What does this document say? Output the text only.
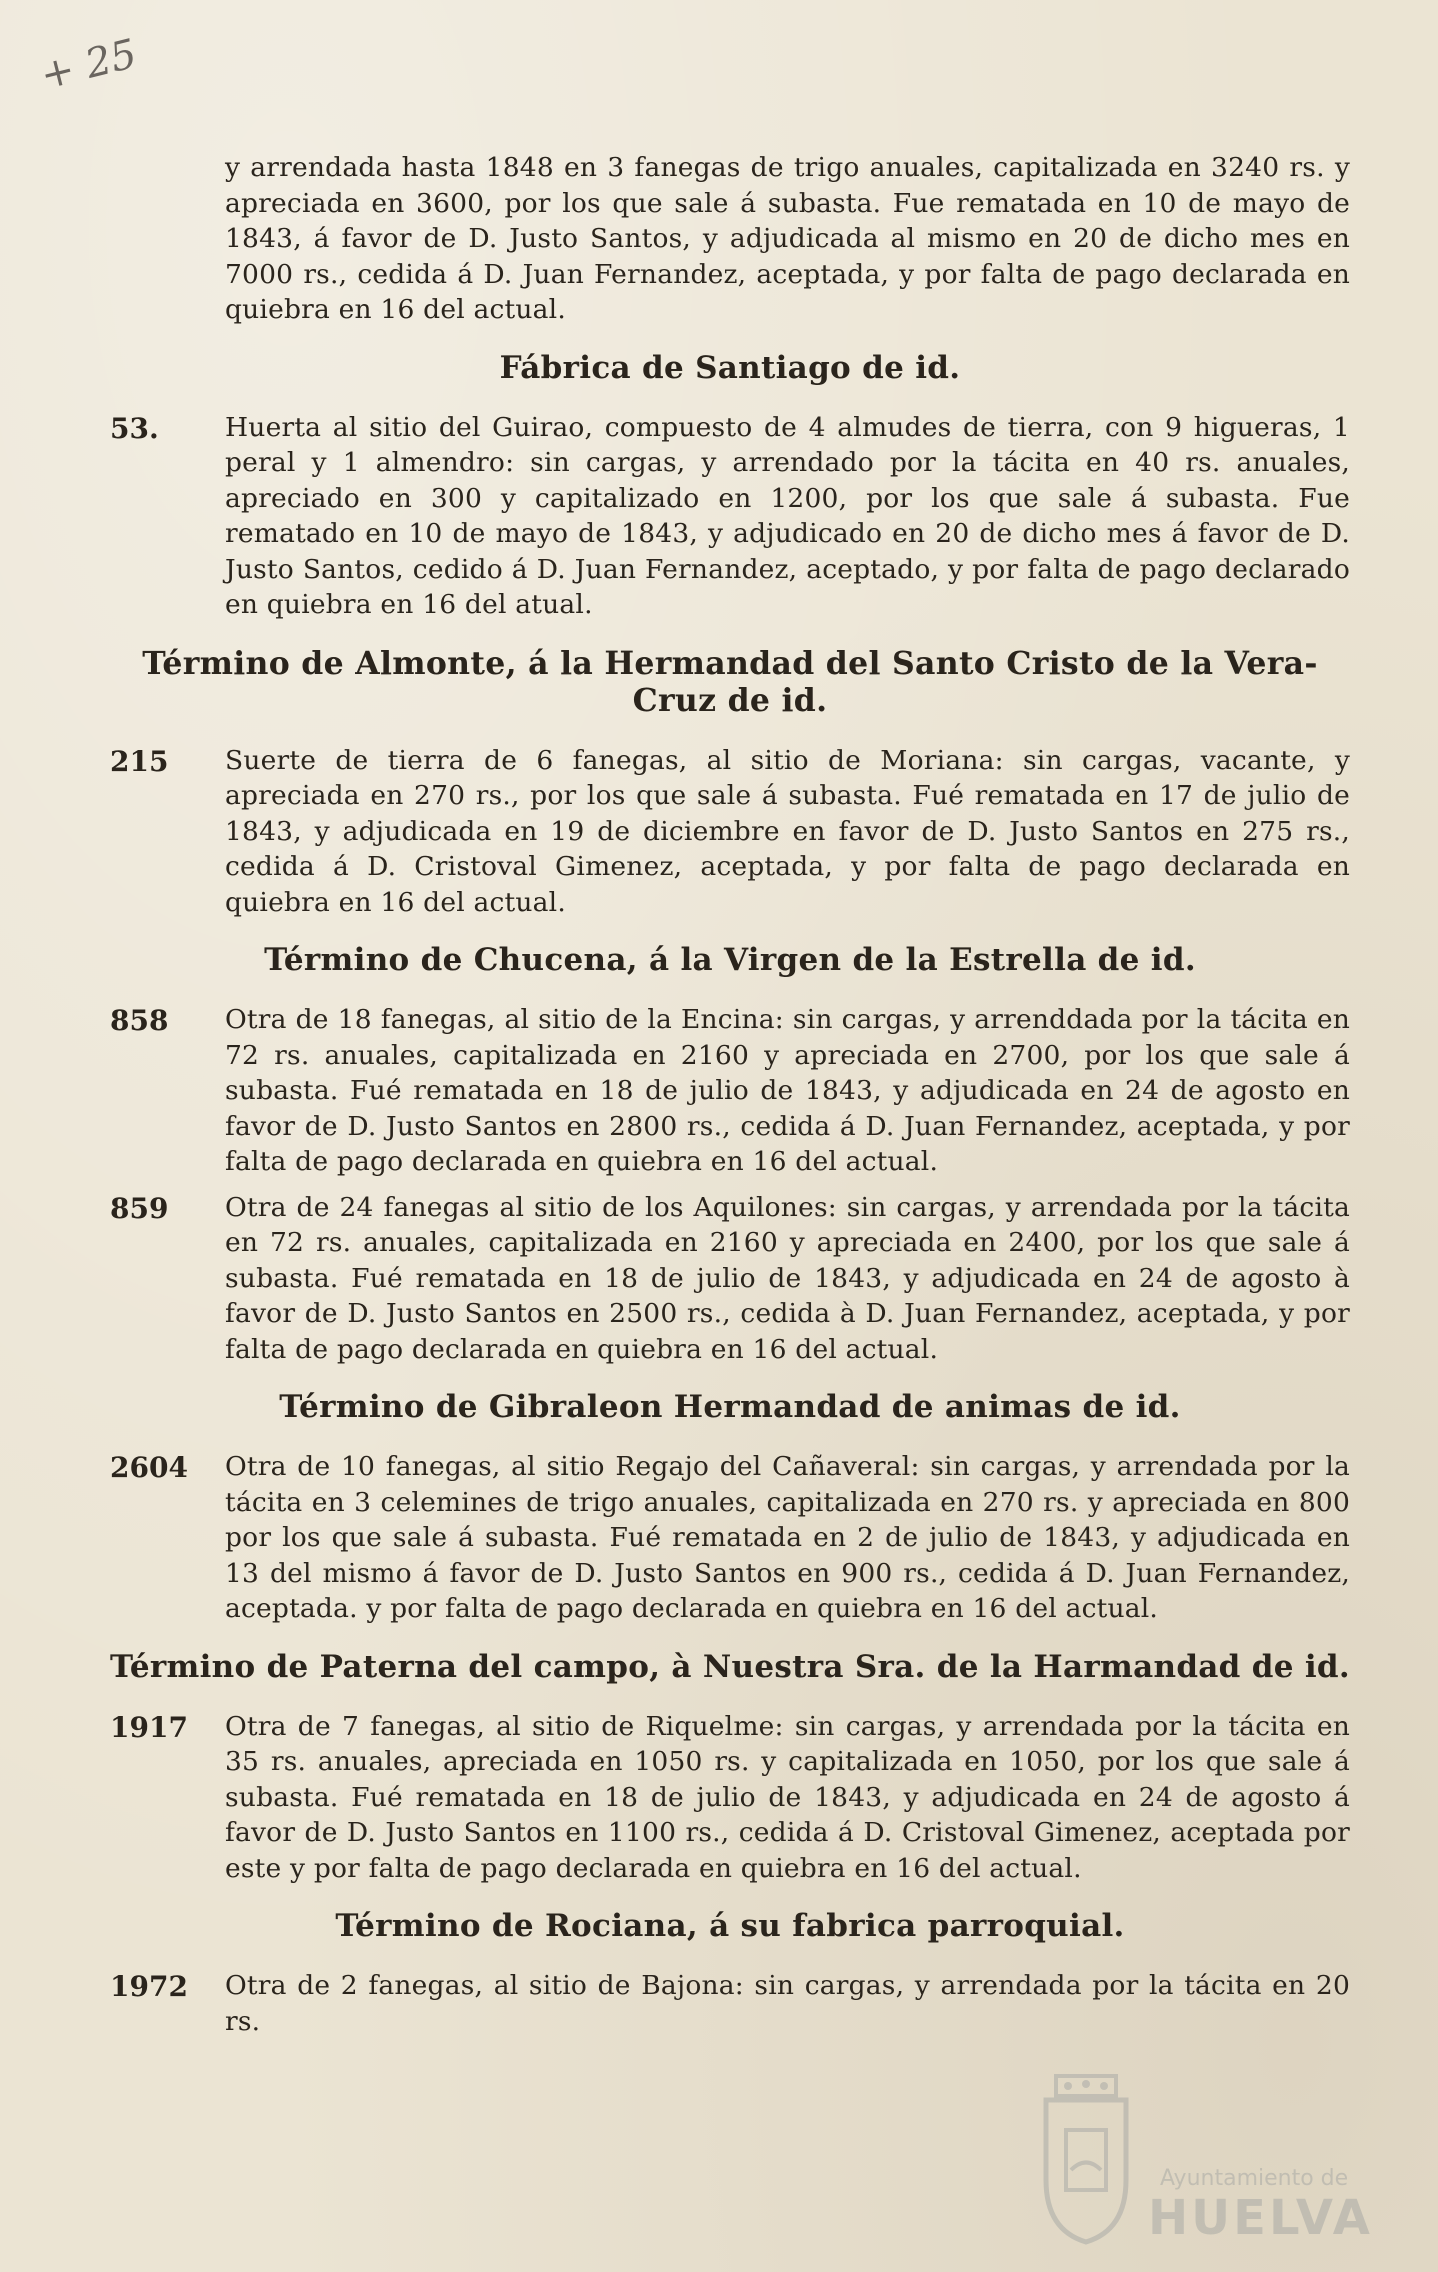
+ 25
y arrendada hasta 1848 en 3 fanegas de trigo anuales, capitalizada en 3240 rs. y apreciada en 3600, por los que sale á subasta. Fue rematada en 10 de mayo de 1843, á favor de D. Justo Santos, y adjudicada al mismo en 20 de dicho mes en 7000 rs., cedida á D. Juan Fernandez, aceptada, y por falta de pago declarada en quiebra en 16 del actual.
Fábrica de Santiago de id.
53.	Huerta al sitio del Guirao, compuesto de 4 almudes de tierra, con 9 higueras, 1 peral y 1 almendro: sin cargas, y arrendado por la tácita en 40 rs. anuales, apreciado en 300 y capitalizado en 1200, por los que sale á subasta. Fue rematado en 10 de mayo de 1843, y adjudicado en 20 de dicho mes á favor de D. Justo Santos, cedido á D. Juan Fernandez, aceptado, y por falta de pago declarado en quiebra en 16 del atual.
Término de Almonte, á la Hermandad del Santo Cristo de la Vera-Cruz de id.
215	Suerte de tierra de 6 fanegas, al sitio de Moriana: sin cargas, vacante, y apreciada en 270 rs., por los que sale á subasta. Fué rematada en 17 de julio de 1843, y adjudicada en 19 de diciembre en favor de D. Justo Santos en 275 rs., cedida á D. Cristoval Gimenez, aceptada, y por falta de pago declarada en quiebra en 16 del actual.
Término de Chucena, á la Virgen de la Estrella de id.
858	Otra de 18 fanegas, al sitio de la Encina: sin cargas, y arrenddada por la tácita en 72 rs. anuales, capitalizada en 2160 y apreciada en 2700, por los que sale á subasta. Fué rematada en 18 de julio de 1843, y adjudicada en 24 de agosto en favor de D. Justo Santos en 2800 rs., cedida á D. Juan Fernandez, aceptada, y por falta de pago declarada en quiebra en 16 del actual.
859	Otra de 24 fanegas al sitio de los Aquilones: sin cargas, y arrendada por la tácita en 72 rs. anuales, capitalizada en 2160 y apreciada en 2400, por los que sale á subasta. Fué rematada en 18 de julio de 1843, y adjudicada en 24 de agosto à favor de D. Justo Santos en 2500 rs., cedida à D. Juan Fernandez, aceptada, y por falta de pago declarada en quiebra en 16 del actual.
Término de Gibraleon Hermandad de animas de id.
2604	Otra de 10 fanegas, al sitio Regajo del Cañaveral: sin cargas, y arrendada por la tácita en 3 celemines de trigo anuales, capitalizada en 270 rs. y apreciada en 800 por los que sale á subasta. Fué rematada en 2 de julio de 1843, y adjudicada en 13 del mismo á favor de D. Justo Santos en 900 rs., cedida á D. Juan Fernandez, aceptada. y por falta de pago declarada en quiebra en 16 del actual.
Término de Paterna del campo, à Nuestra Sra. de la Harmandad de id.
1917	Otra de 7 fanegas, al sitio de Riquelme: sin cargas, y arrendada por la tácita en 35 rs. anuales, apreciada en 1050 rs. y capitalizada en 1050, por los que sale á subasta. Fué rematada en 18 de julio de 1843, y adjudicada en 24 de agosto á favor de D. Justo Santos en 1100 rs., cedida á D. Cristoval Gimenez, aceptada por este y por falta de pago declarada en quiebra en 16 del actual.
Término de Rociana, á su fabrica parroquial.
1972	Otra de 2 fanegas, al sitio de Bajona: sin cargas, y arrendada por la tácita en 20 rs.
Ayuntamiento de
HUELVA
